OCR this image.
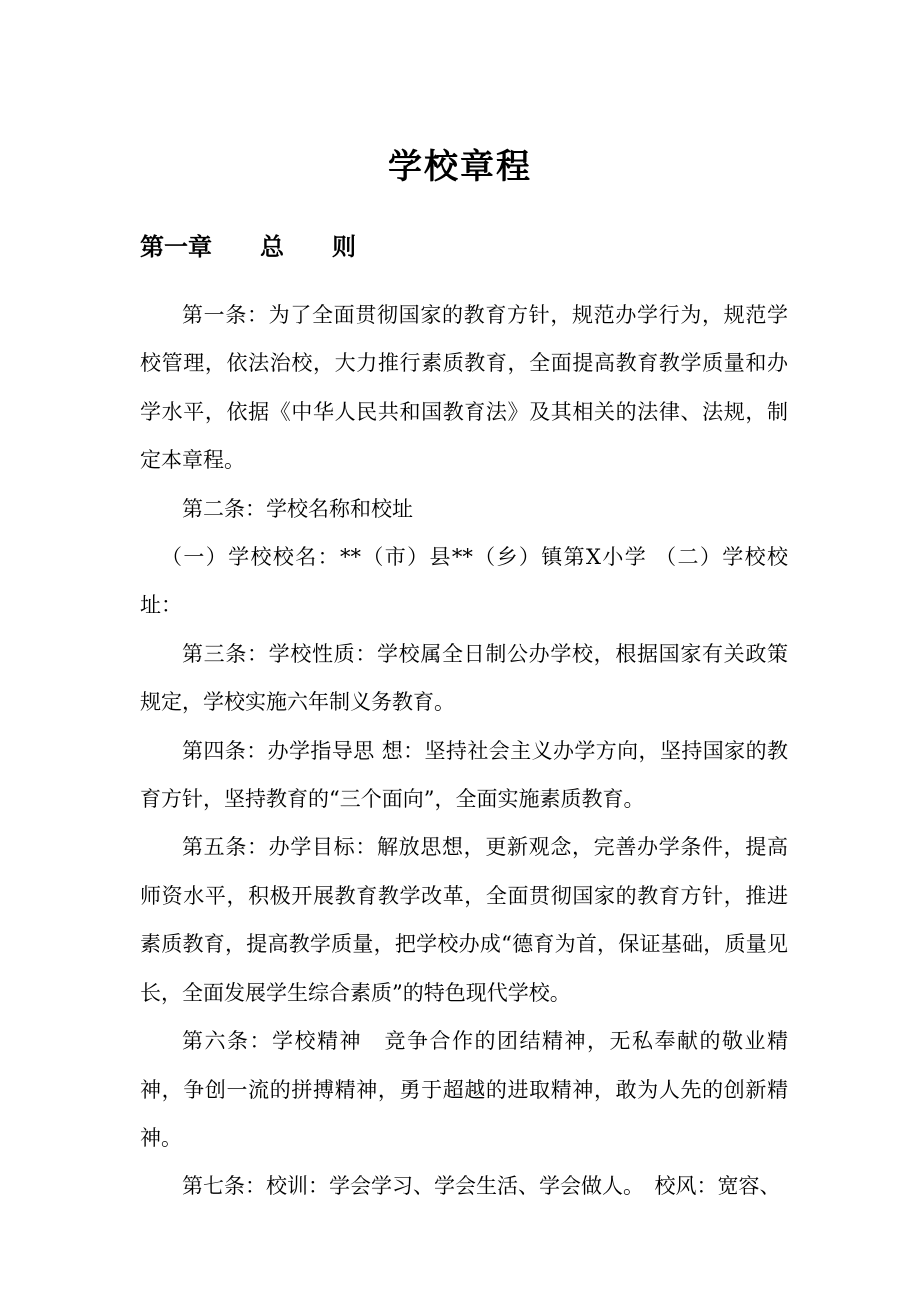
学校章程
第一章　　总　　则

第一条：为了全面贯彻国家的教育方针，规范办学行为，规范学校管理，依法治校，大力推行素质教育，全面提高教育教学质量和办学水平，依据《中华人民共和国教育法》及其相关的法律、法规，制定本章程。

第二条：学校名称和校址

（一）学校校名：**（市）县**（乡）镇第X小学 （二）学校校址：

第三条：学校性质：学校属全日制公办学校，根据国家有关政策规定，学校实施六年制义务教育。

第四条：办学指导思 想：坚持社会主义办学方向，坚持国家的教育方针，坚持教育的“三个面向”，全面实施素质教育。

第五条：办学目标：解放思想，更新观念，完善办学条件，提高师资水平，积极开展教育教学改革，全面贯彻国家的教育方针，推进素质教育，提高教学质量，把学校办成“德育为首，保证基础，质量见长，全面发展学生综合素质”的特色现代学校。

第六条：学校精神　竞争合作的团结精神，无私奉献的敬业精神，争创一流的拼搏精神，勇于超越的进取精神，敢为人先的创新精神。

第七条：校训：学会学习、学会生活、学会做人。　校风：宽容、
